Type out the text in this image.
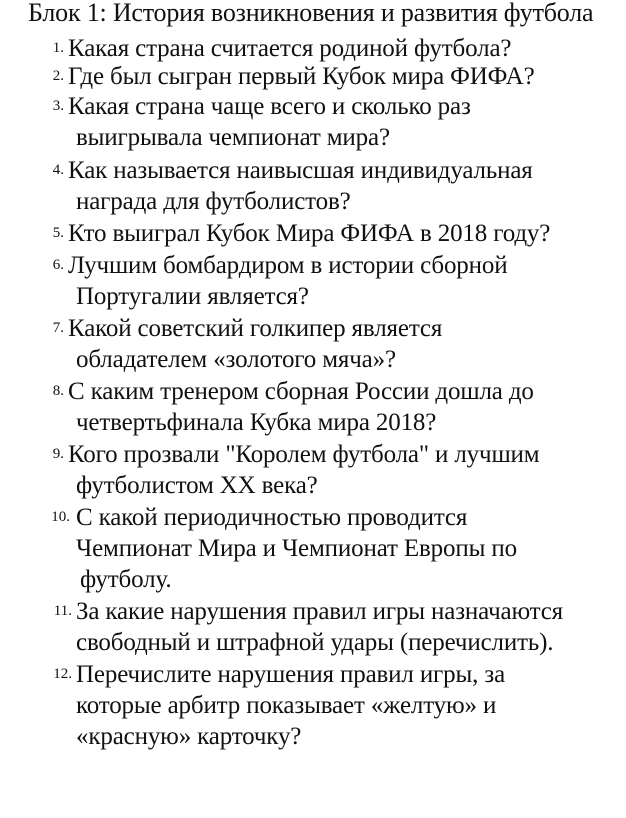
Блок 1: История возникновения и развития футбола
1. Какая страна считается родиной футбола?
2. Где был сыгран первый Кубок мира ФИФА?
3. Какая страна чаще всего и сколько раз
выигрывала чемпионат мира?
4. Как называется наивысшая индивидуальная
награда для футболистов?
5. Кто выиграл Кубок Мира ФИФА в 2018 году?
6. Лучшим бомбардиром в истории сборной
Португалии является?
7. Какой советский голкипер является
обладателем «золотого мяча»?
8. С каким тренером сборная России дошла до
четвертьфинала Кубка мира 2018?
9. Кого прозвали "Королем футбола" и лучшим
футболистом XX века?
10. С какой периодичностью проводится
Чемпионат Мира и Чемпионат Европы по
футболу.
11. За какие нарушения правил игры назначаются
свободный и штрафной удары (перечислить).
12. Перечислите нарушения правил игры, за
которые арбитр показывает «желтую» и
«красную» карточку?
